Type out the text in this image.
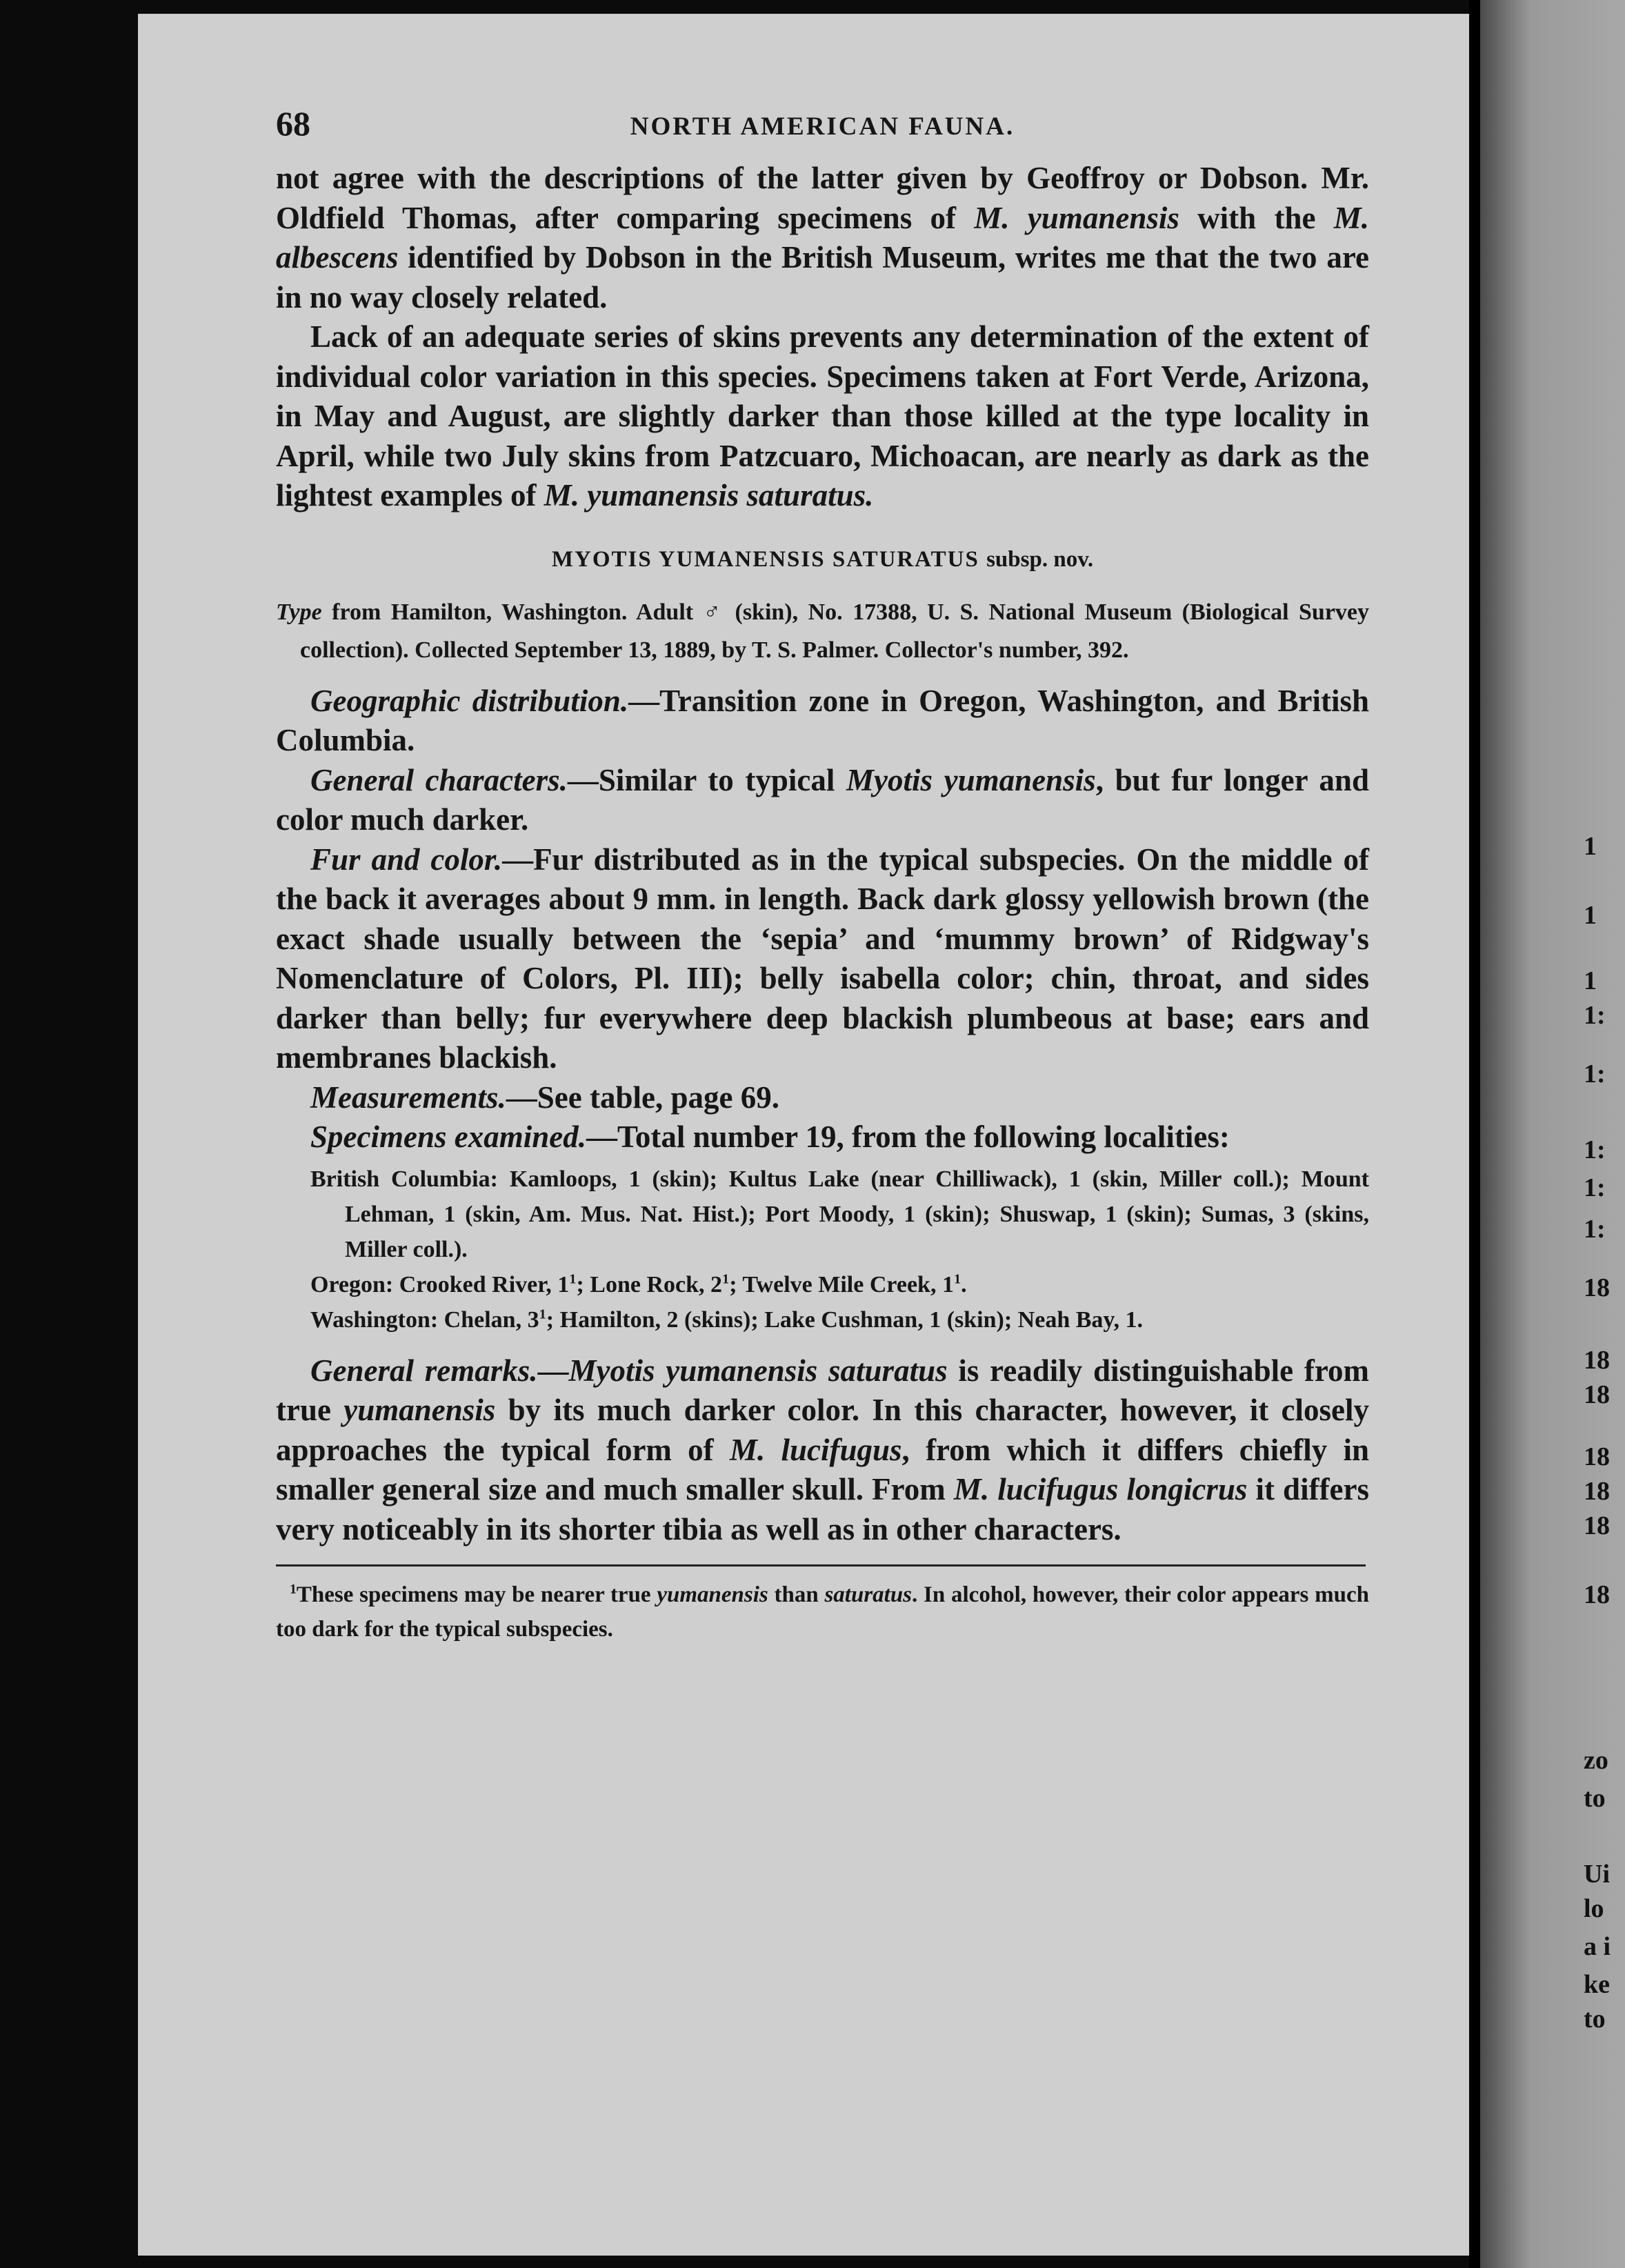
68	NORTH AMERICAN FAUNA.

not agree with the descriptions of the latter given by Geoffroy or Dobson. Mr. Oldfield Thomas, after comparing specimens of M. yumanensis with the M. albescens identified by Dobson in the British Museum, writes me that the two are in no way closely related.

Lack of an adequate series of skins prevents any determination of the extent of individual color variation in this species. Specimens taken at Fort Verde, Arizona, in May and August, are slightly darker than those killed at the type locality in April, while two July skins from Patzcuaro, Michoacan, are nearly as dark as the lightest examples of M. yumanensis saturatus.

MYOTIS YUMANENSIS SATURATUS subsp. nov.

Type from Hamilton, Washington. Adult ♂ (skin), No. 17388, U. S. National Museum (Biological Survey collection). Collected September 13, 1889, by T. S. Palmer. Collector's number, 392.

Geographic distribution.—Transition zone in Oregon, Washington, and British Columbia.

General characters.—Similar to typical Myotis yumanensis, but fur longer and color much darker.

Fur and color.—Fur distributed as in the typical subspecies. On the middle of the back it averages about 9 mm. in length. Back dark glossy yellowish brown (the exact shade usually between the ‘sepia’ and ‘mummy brown’ of Ridgway's Nomenclature of Colors, Pl. III); belly isabella color; chin, throat, and sides darker than belly; fur everywhere deep blackish plumbeous at base; ears and membranes blackish.

Measurements.—See table, page 69.

Specimens examined.—Total number 19, from the following localities:

British Columbia: Kamloops, 1 (skin); Kultus Lake (near Chilliwack), 1 (skin, Miller coll.); Mount Lehman, 1 (skin, Am. Mus. Nat. Hist.); Port Moody, 1 (skin); Shuswap, 1 (skin); Sumas, 3 (skins, Miller coll.).

Oregon: Crooked River, $1^1$; Lone Rock, $2^1$; Twelve Mile Creek, $1^1$.

Washington: Chelan, $3^1$; Hamilton, 2 (skins); Lake Cushman, 1 (skin); Neah Bay, 1.

General remarks.—Myotis yumanensis saturatus is readily distinguishable from true yumanensis by its much darker color. In this character, however, it closely approaches the typical form of M. lucifugus, from which it differs chiefly in smaller general size and much smaller skull. From M. lucifugus longicrus it differs very noticeably in its shorter tibia as well as in other characters.

$^1$These specimens may be nearer true yumanensis than saturatus. In alcohol, however, their color appears much too dark for the typical subspecies.

1
1
1
1:
1:
1:
1:
1:
18
18
18
18
18
18
18
zo
to
Ui
lo
a i
ke
to
